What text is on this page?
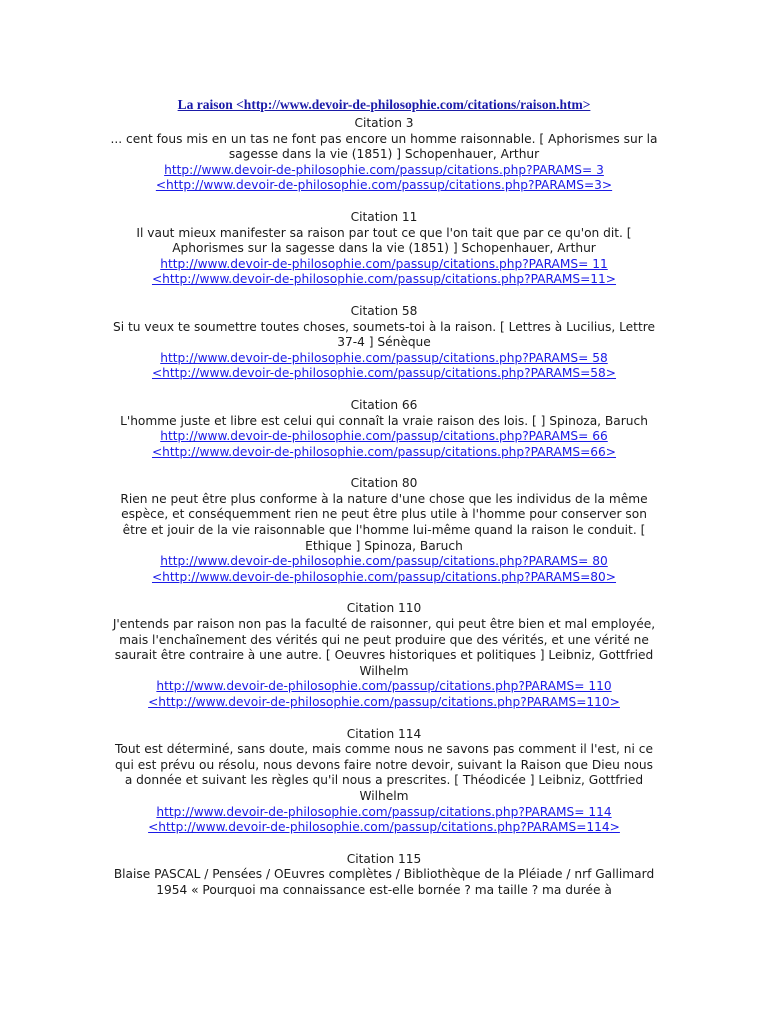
La raison <http://www.devoir-de-philosophie.com/citations/raison.htm>
Citation 3
... cent fous mis en un tas ne font pas encore un homme raisonnable. [ Aphorismes sur la sagesse dans la vie (1851) ] Schopenhauer, Arthur
http://www.devoir-de-philosophie.com/passup/citations.php?PARAMS= 3
<http://www.devoir-de-philosophie.com/passup/citations.php?PARAMS=3>
Citation 11
Il vaut mieux manifester sa raison par tout ce que l'on tait que par ce qu'on dit. [ Aphorismes sur la sagesse dans la vie (1851) ] Schopenhauer, Arthur
http://www.devoir-de-philosophie.com/passup/citations.php?PARAMS= 11
<http://www.devoir-de-philosophie.com/passup/citations.php?PARAMS=11>
Citation 58
Si tu veux te soumettre toutes choses, soumets-toi à la raison. [ Lettres à Lucilius, Lettre 37-4 ] Sénèque
http://www.devoir-de-philosophie.com/passup/citations.php?PARAMS= 58
<http://www.devoir-de-philosophie.com/passup/citations.php?PARAMS=58>
Citation 66
L'homme juste et libre est celui qui connaît la vraie raison des lois. [ ] Spinoza, Baruch
http://www.devoir-de-philosophie.com/passup/citations.php?PARAMS= 66
<http://www.devoir-de-philosophie.com/passup/citations.php?PARAMS=66>
Citation 80
Rien ne peut être plus conforme à la nature d'une chose que les individus de la même espèce, et conséquemment rien ne peut être plus utile à l'homme pour conserver son être et jouir de la vie raisonnable que l'homme lui-même quand la raison le conduit. [ Ethique ] Spinoza, Baruch
http://www.devoir-de-philosophie.com/passup/citations.php?PARAMS= 80
<http://www.devoir-de-philosophie.com/passup/citations.php?PARAMS=80>
Citation 110
J'entends par raison non pas la faculté de raisonner, qui peut être bien et mal employée, mais l'enchaînement des vérités qui ne peut produire que des vérités, et une vérité ne saurait être contraire à une autre. [ Oeuvres historiques et politiques ] Leibniz, Gottfried Wilhelm
http://www.devoir-de-philosophie.com/passup/citations.php?PARAMS= 110
<http://www.devoir-de-philosophie.com/passup/citations.php?PARAMS=110>
Citation 114
Tout est déterminé, sans doute, mais comme nous ne savons pas comment il l'est, ni ce qui est prévu ou résolu, nous devons faire notre devoir, suivant la Raison que Dieu nous a donnée et suivant les règles qu'il nous a prescrites. [ Théodicée ] Leibniz, Gottfried Wilhelm
http://www.devoir-de-philosophie.com/passup/citations.php?PARAMS= 114
<http://www.devoir-de-philosophie.com/passup/citations.php?PARAMS=114>
Citation 115
Blaise PASCAL / Pensées / OEuvres complètes / Bibliothèque de la Pléiade / nrf Gallimard 1954 « Pourquoi ma connaissance est-elle bornée ? ma taille ? ma durée à
